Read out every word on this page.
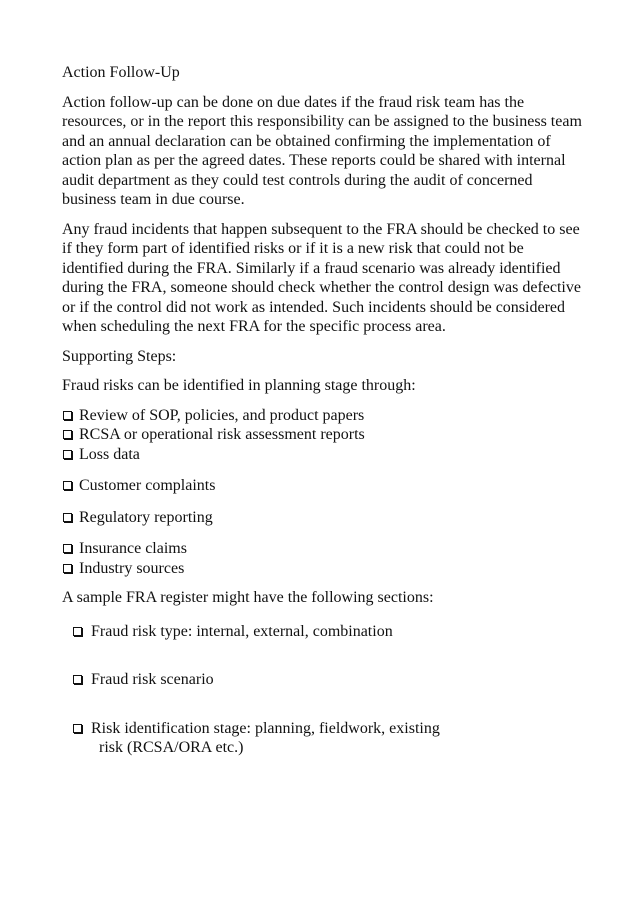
Action Follow-Up

Action follow-up can be done on due dates if the fraud risk team has the resources, or in the report this responsibility can be assigned to the business team and an annual declaration can be obtained confirming the implementation of action plan as per the agreed dates. These reports could be shared with internal audit department as they could test controls during the audit of concerned business team in due course.

Any fraud incidents that happen subsequent to the FRA should be checked to see if they form part of identified risks or if it is a new risk that could not be identified during the FRA. Similarly if a fraud scenario was already identified during the FRA, someone should check whether the control design was defective or if the control did not work as intended. Such incidents should be considered when scheduling the next FRA for the specific process area.

Supporting Steps:

Fraud risks can be identified in planning stage through:

Review of SOP, policies, and product papers
RCSA or operational risk assessment reports
Loss data
Customer complaints
Regulatory reporting
Insurance claims
Industry sources

A sample FRA register might have the following sections:

Fraud risk type: internal, external, combination
Fraud risk scenario
Risk identification stage: planning, fieldwork, existing
risk (RCSA/ORA etc.)
